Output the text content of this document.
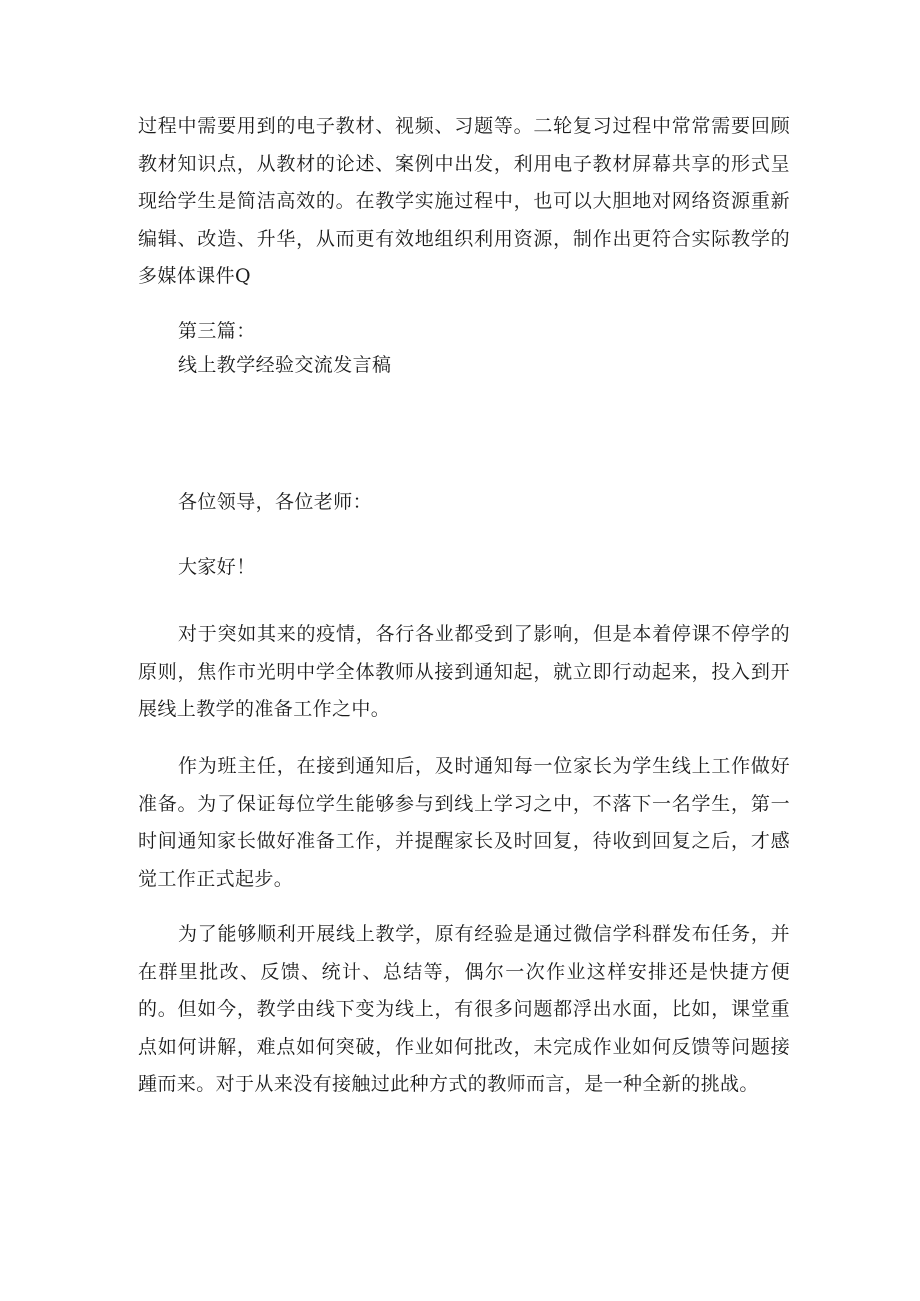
过程中需要用到的电子教材、视频、习题等。二轮复习过程中常常需要回顾教材知识点，从教材的论述、案例中出发，利用电子教材屏幕共享的形式呈现给学生是简洁高效的。在教学实施过程中，也可以大胆地对网络资源重新编辑、改造、升华，从而更有效地组织利用资源，制作出更符合实际教学的多媒体课件Q

第三篇：
线上教学经验交流发言稿
各位领导，各位老师：
大家好！

对于突如其来的疫情，各行各业都受到了影响，但是本着停课不停学的原则，焦作市光明中学全体教师从接到通知起，就立即行动起来，投入到开展线上教学的准备工作之中。

作为班主任，在接到通知后，及时通知每一位家长为学生线上工作做好准备。为了保证每位学生能够参与到线上学习之中，不落下一名学生，第一时间通知家长做好准备工作，并提醒家长及时回复，待收到回复之后，才感觉工作正式起步。

为了能够顺利开展线上教学，原有经验是通过微信学科群发布任务，并在群里批改、反馈、统计、总结等，偶尔一次作业这样安排还是快捷方便的。但如今，教学由线下变为线上，有很多问题都浮出水面，比如，课堂重点如何讲解，难点如何突破，作业如何批改，未完成作业如何反馈等问题接踵而来。对于从来没有接触过此种方式的教师而言，是一种全新的挑战。
